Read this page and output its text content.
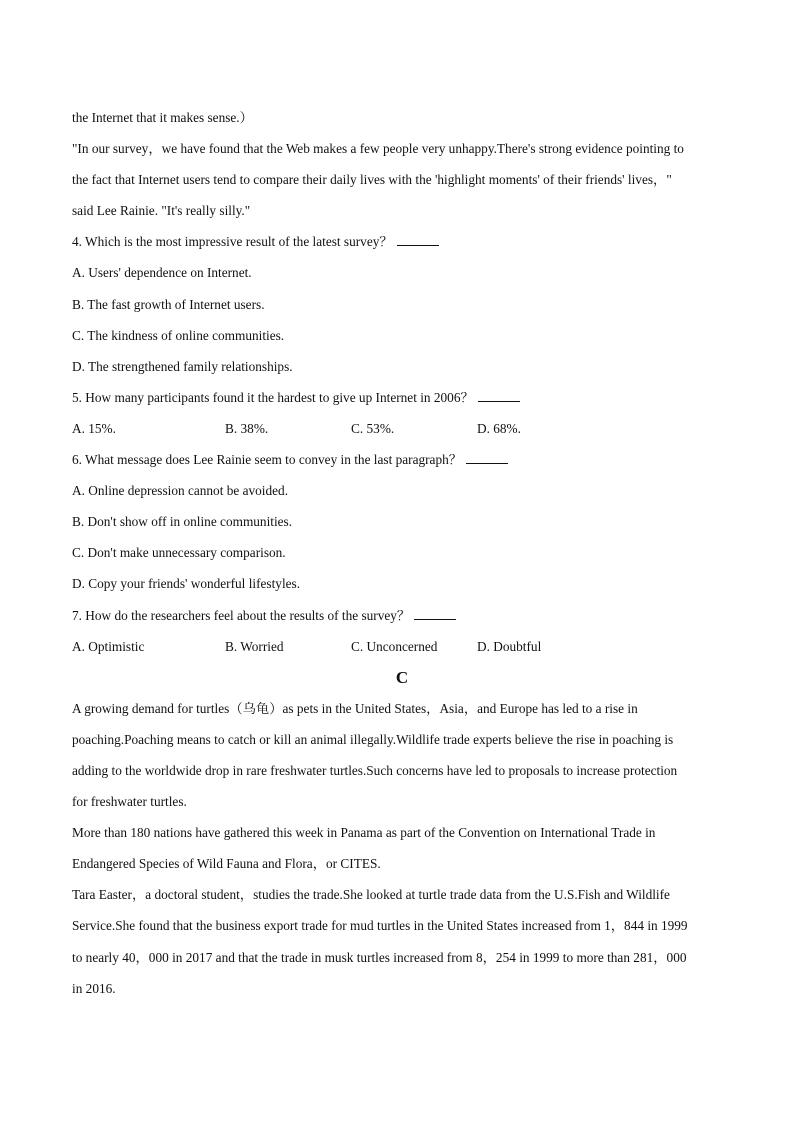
the Internet that it makes sense.）
"In our survey，we have found that the Web makes a few people very unhappy.There's strong evidence pointing to
the fact that Internet users tend to compare their daily lives with the 'highlight moments' of their friends' lives，"
said Lee Rainie. "It's really silly."
4. Which is the most impressive result of the latest survey？
A. Users' dependence on Internet.
B. The fast growth of Internet users.
C. The kindness of online communities.
D. The strengthened family relationships.
5. How many participants found it the hardest to give up Internet in 2006？
A. 15%.	B. 38%.	C. 53%.	D. 68%.
6. What message does Lee Rainie seem to convey in the last paragraph？
A. Online depression cannot be avoided.
B. Don't show off in online communities.
C. Don't make unnecessary comparison.
D. Copy your friends' wonderful lifestyles.
7. How do the researchers feel about the results of the survey？
A. Optimistic	B. Worried	C. Unconcerned	D. Doubtful
C
A growing demand for turtles（乌龟）as pets in the United States，Asia，and Europe has led to a rise in
poaching.Poaching means to catch or kill an animal illegally.Wildlife trade experts believe the rise in poaching is
adding to the worldwide drop in rare freshwater turtles.Such concerns have led to proposals to increase protection
for freshwater turtles.
More than 180 nations have gathered this week in Panama as part of the Convention on International Trade in
Endangered Species of Wild Fauna and Flora，or CITES.
Tara Easter，a doctoral student，studies the trade.She looked at turtle trade data from the U.S.Fish and Wildlife
Service.She found that the business export trade for mud turtles in the United States increased from 1，844 in 1999
to nearly 40，000 in 2017 and that the trade in musk turtles increased from 8，254 in 1999 to more than 281，000
in 2016.
